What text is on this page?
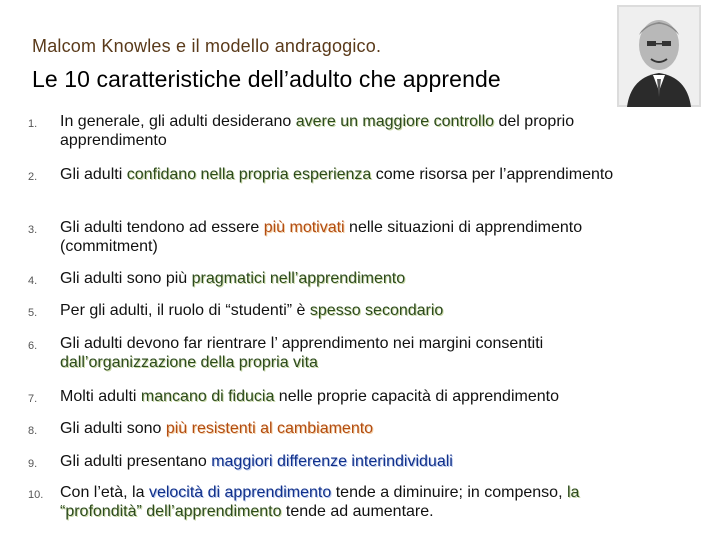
Malcom Knowles e il modello andragogico.
Le 10 caratteristiche dell’adulto che apprende
1.	In generale, gli adulti desiderano avere un maggiore controllo del proprio apprendimento
2.	Gli adulti confidano nella propria esperienza come risorsa per l’apprendimento
3.	Gli adulti tendono ad essere più motivati nelle situazioni di apprendimento (commitment)
4.	Gli adulti sono più pragmatici nell’apprendimento
5.	Per gli adulti, il ruolo di “studenti” è spesso secondario
6.	Gli adulti devono far rientrare l’ apprendimento nei margini consentiti dall’organizzazione della propria vita
7.	Molti adulti mancano di fiducia nelle proprie capacità di apprendimento
8.	Gli adulti sono più resistenti al cambiamento
9.	Gli adulti presentano maggiori differenze interindividuali
10.	Con l’età, la velocità di apprendimento tende a diminuire; in compenso, la “profondità” dell’apprendimento tende ad aumentare.
